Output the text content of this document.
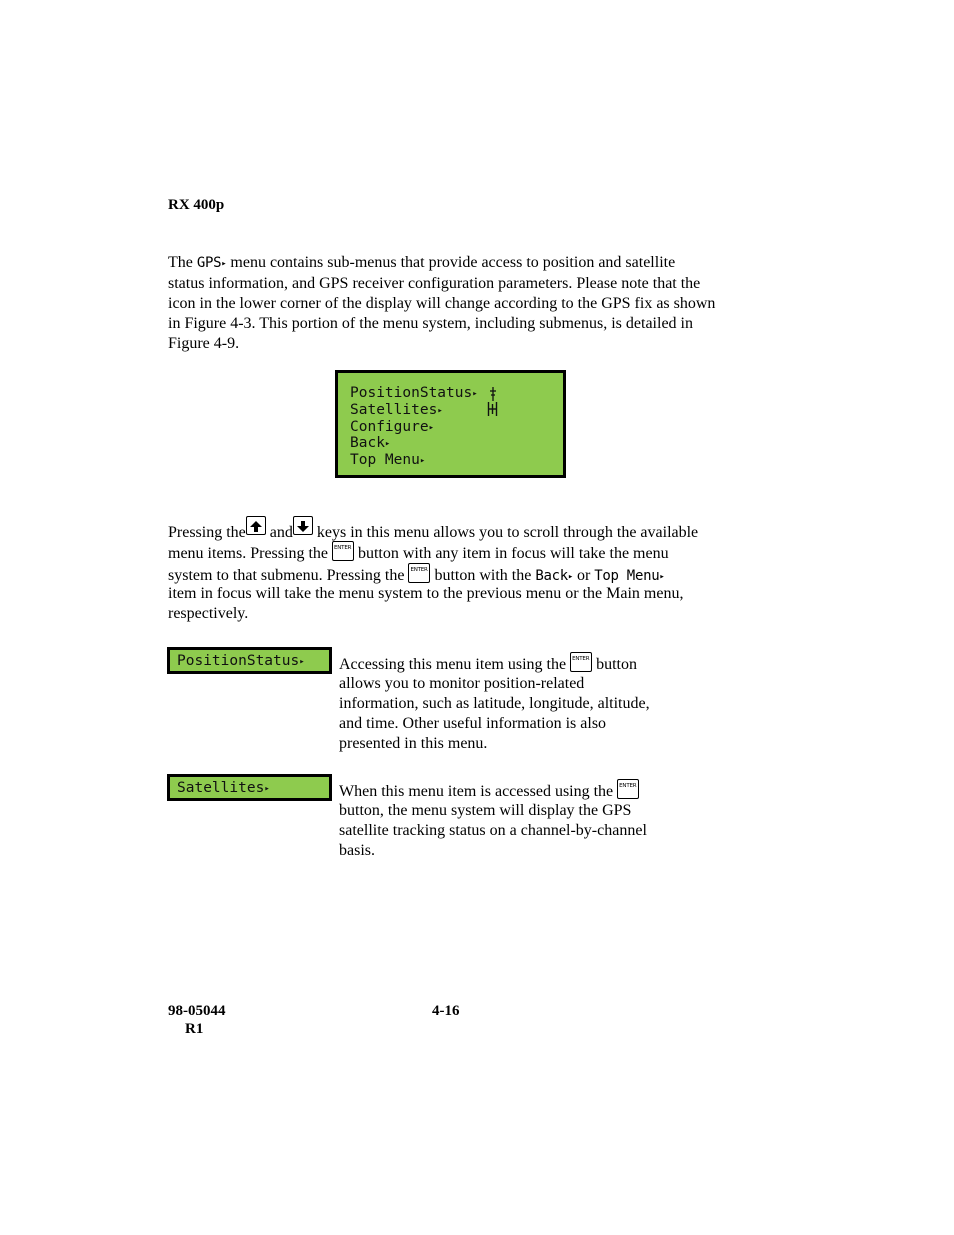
RX 400p
The GPS▸ menu contains sub-menus that provide access to position and satellite
status information, and GPS receiver configuration parameters. Please note that the
icon in the lower corner of the display will change according to the GPS fix as shown
in Figure 4-3. This portion of the menu system, including submenus, is detailed in
Figure 4-9.
PositionStatus▸
Satellites▸
Configure▸
Back▸
Top Menu▸
Pressing the and keys in this menu allows you to scroll through the available
menu items. Pressing the ENTER button with any item in focus will take the menu
system to that submenu. Pressing the ENTER button with the Back▸ or Top Menu▸
item in focus will take the menu system to the previous menu or the Main menu,
respectively.
PositionStatus▸ Accessing this menu item using the ENTER button
allows you to monitor position-related
information, such as latitude, longitude, altitude,
and time. Other useful information is also
presented in this menu.
Satellites▸	When this menu item is accessed using the ENTER
button, the menu system will display the GPS
satellite tracking status on a channel-by-channel
basis.
98-05044
R1
4-16
